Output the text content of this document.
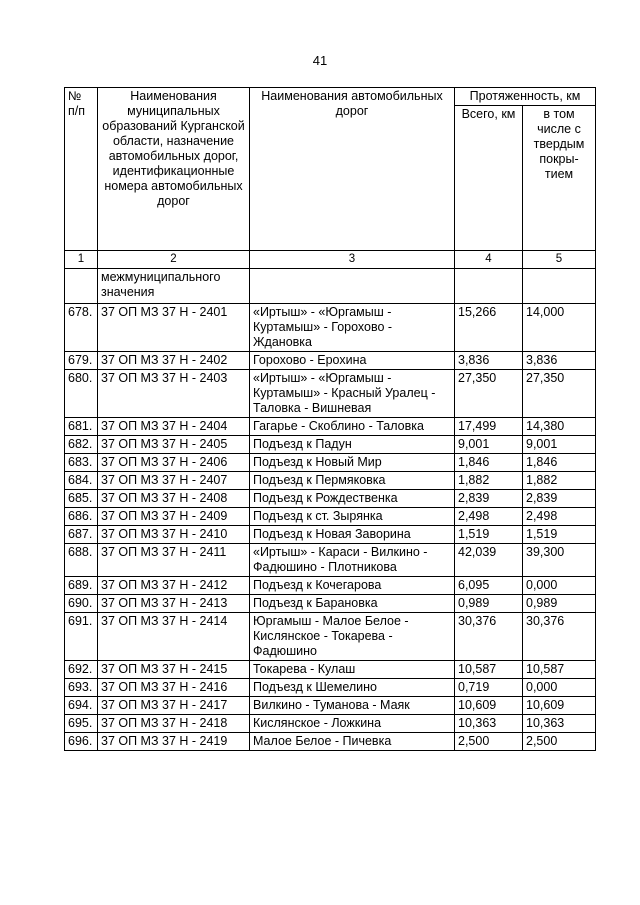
41
№ п/п	Наименования муниципальных образований Курганской области, назначение автомобильных дорог, идентификационные номера автомобильных дорог	Наименования автомобильных дорог	Протяженность, км	
			Всего, км	в том числе с твердым покры-тием
1	2	3	4	5
	межмуниципального значения			
678.	37 ОП МЗ 37 Н - 2401	«Иртыш» - «Юргамыш - Куртамыш» - Горохово - Ждановка	15,266	14,000
679.	37 ОП МЗ 37 Н - 2402	Горохово - Ерохина	3,836	3,836
680.	37 ОП МЗ 37 Н - 2403	«Иртыш» - «Юргамыш - Куртамыш» - Красный Уралец - Таловка - Вишневая	27,350	27,350
681.	37 ОП МЗ 37 Н - 2404	Гагарье - Скоблино - Таловка	17,499	14,380
682.	37 ОП МЗ 37 Н - 2405	Подъезд к Падун	9,001	9,001
683.	37 ОП МЗ 37 Н - 2406	Подъезд к Новый Мир	1,846	1,846
684.	37 ОП МЗ 37 Н - 2407	Подъезд к Пермяковка	1,882	1,882
685.	37 ОП МЗ 37 Н - 2408	Подъезд к Рождественка	2,839	2,839
686.	37 ОП МЗ 37 Н - 2409	Подъезд к ст. Зырянка	2,498	2,498
687.	37 ОП МЗ 37 Н - 2410	Подъезд к Новая Заворина	1,519	1,519
688.	37 ОП МЗ 37 Н - 2411	«Иртыш» - Караси - Вилкино - Фадюшино - Плотникова	42,039	39,300
689.	37 ОП МЗ 37 Н - 2412	Подъезд к Кочегарова	6,095	0,000
690.	37 ОП МЗ 37 Н - 2413	Подъезд к Барановка	0,989	0,989
691.	37 ОП МЗ 37 Н - 2414	Юргамыш - Малое Белое - Кислянское - Токарева - Фадюшино	30,376	30,376
692.	37 ОП МЗ 37 Н - 2415	Токарева - Кулаш	10,587	10,587
693.	37 ОП МЗ 37 Н - 2416	Подъезд к Шемелино	0,719	0,000
694.	37 ОП МЗ 37 Н - 2417	Вилкино - Туманова - Маяк	10,609	10,609
695.	37 ОП МЗ 37 Н - 2418	Кислянское - Ложкина	10,363	10,363
696.	37 ОП МЗ 37 Н - 2419	Малое Белое - Пичевка	2,500	2,500
